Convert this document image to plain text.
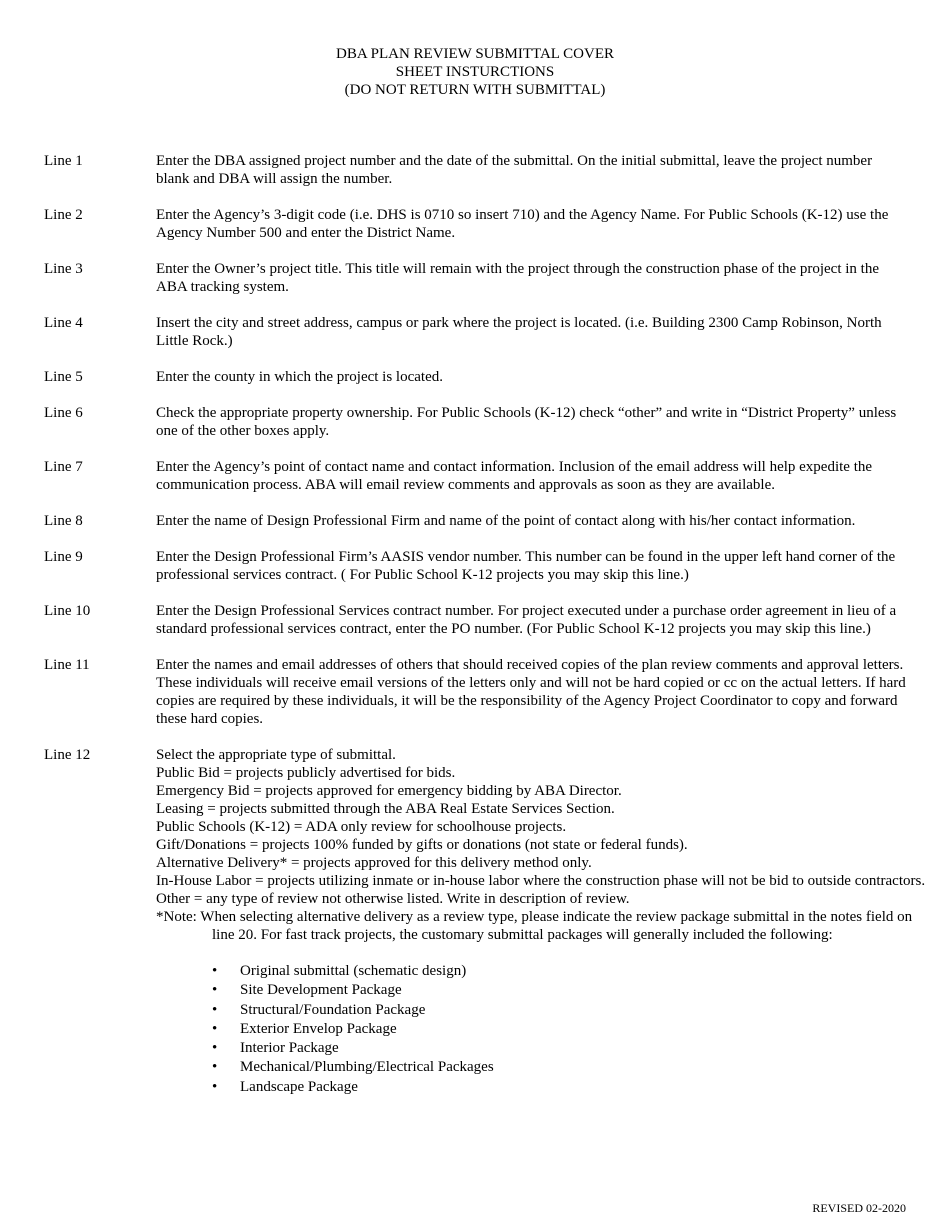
DBA PLAN REVIEW SUBMITTAL COVER
SHEET INSTURCTIONS
(DO NOT RETURN WITH SUBMITTAL)
Line 1	Enter the DBA assigned project number and the date of the submittal. On the initial submittal, leave the project number blank and DBA will assign the number.
Line 2	Enter the Agency’s 3-digit code (i.e. DHS is 0710 so insert 710) and the Agency Name. For Public Schools (K-12) use the Agency Number 500 and enter the District Name.
Line 3	Enter the Owner’s project title. This title will remain with the project through the construction phase of the project in the ABA tracking system.
Line 4	Insert the city and street address, campus or park where the project is located. (i.e. Building 2300 Camp Robinson, North Little Rock.)
Line 5	Enter the county in which the project is located.
Line 6	Check the appropriate property ownership. For Public Schools (K-12) check “other” and write in “District Property” unless one of the other boxes apply.
Line 7	Enter the Agency’s point of contact name and contact information. Inclusion of the email address will help expedite the communication process. ABA will email review comments and approvals as soon as they are available.
Line 8	Enter the name of Design Professional Firm and name of the point of contact along with his/her contact information.
Line 9	Enter the Design Professional Firm’s AASIS vendor number. This number can be found in the upper left hand corner of the professional services contract. ( For Public School K-12 projects you may skip this line.)
Line 10	Enter the Design Professional Services contract number. For project executed under a purchase order agreement in lieu of a standard professional services contract, enter the PO number. (For Public School K-12 projects you may skip this line.)
Line 11	Enter the names and email addresses of others that should received copies of the plan review comments and approval letters. These individuals will receive email versions of the letters only and will not be hard copied or cc on the actual letters. If hard copies are required by these individuals, it will be the responsibility of the Agency Project Coordinator to copy and forward these hard copies.
Line 12	Select the appropriate type of submittal.
Public Bid = projects publicly advertised for bids.
Emergency Bid = projects approved for emergency bidding by ABA Director.
Leasing = projects submitted through the ABA Real Estate Services Section.
Public Schools (K-12) = ADA only review for schoolhouse projects.
Gift/Donations = projects 100% funded by gifts or donations (not state or federal funds).
Alternative Delivery* = projects approved for this delivery method only.
In-House Labor = projects utilizing inmate or in-house labor where the construction phase will not be bid to outside contractors.
Other = any type of review not otherwise listed. Write in description of review.
*Note: When selecting alternative delivery as a review type, please indicate the review package submittal in the notes field on
line 20. For fast track projects, the customary submittal packages will generally included the following:
• Original submittal (schematic design)
• Site Development Package
• Structural/Foundation Package
• Exterior Envelop Package
• Interior Package
• Mechanical/Plumbing/Electrical Packages
• Landscape Package
REVISED 02-2020
